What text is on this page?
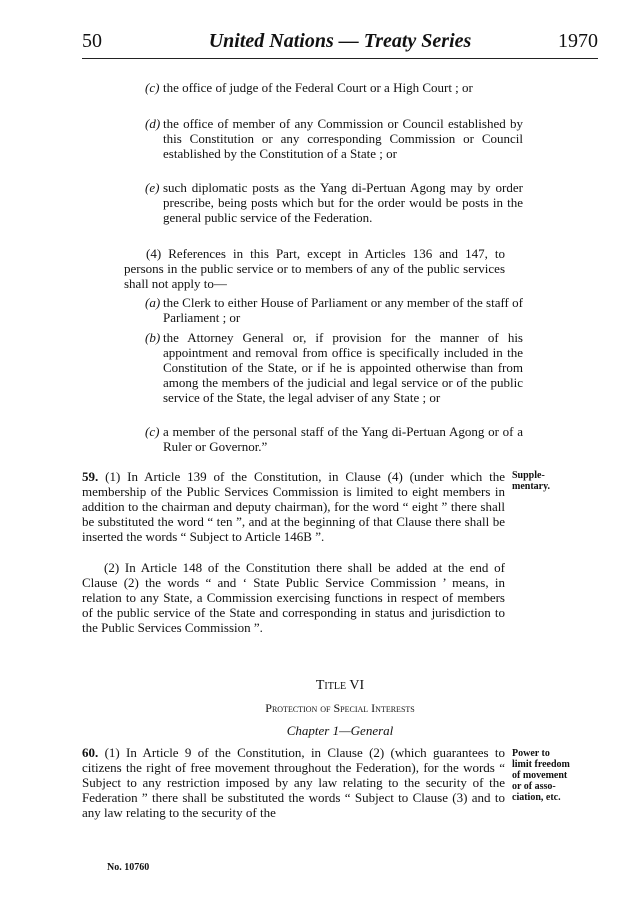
50	United Nations — Treaty Series	1970
(c) the office of judge of the Federal Court or a High Court ; or
(d) the office of member of any Commission or Council established by this Constitution or any corresponding Commission or Council established by the Constitution of a State ; or
(e) such diplomatic posts as the Yang di-Pertuan Agong may by order prescribe, being posts which but for the order would be posts in the general public service of the Federation.
(4) References in this Part, except in Articles 136 and 147, to persons in the public service or to members of any of the public services shall not apply to—
(a) the Clerk to either House of Parliament or any member of the staff of Parliament ; or
(b) the Attorney General or, if provision for the manner of his appointment and removal from office is specifically included in the Constitution of the State, or if he is appointed otherwise than from among the members of the judicial and legal service or of the public service of the State, the legal adviser of any State ; or
(c) a member of the personal staff of the Yang di-Pertuan Agong or of a Ruler or Governor.”
59. (1) In Article 139 of the Constitution, in Clause (4) (under which the membership of the Public Services Commission is limited to eight members in addition to the chairman and deputy chairman), for the word “ eight ” there shall be substituted the word “ ten ”, and at the beginning of that Clause there shall be inserted the words “ Subject to Article 146B ”.
Supple-mentary.
(2) In Article 148 of the Constitution there shall be added at the end of Clause (2) the words “ and ‘ State Public Service Commission ’ means, in relation to any State, a Commission exercising functions in respect of members of the public service of the State and corresponding in status and jurisdiction to the Public Services Commission ”.
Title VI
Protection of Special Interests
Chapter 1—General
60. (1) In Article 9 of the Constitution, in Clause (2) (which guarantees to citizens the right of free movement throughout the Federation), for the words “ Subject to any restriction imposed by any law relating to the security of the Federation ” there shall be substituted the words “ Subject to Clause (3) and to any law relating to the security of the
Power to limit freedom of movement or of asso-ciation, etc.
No. 10760
